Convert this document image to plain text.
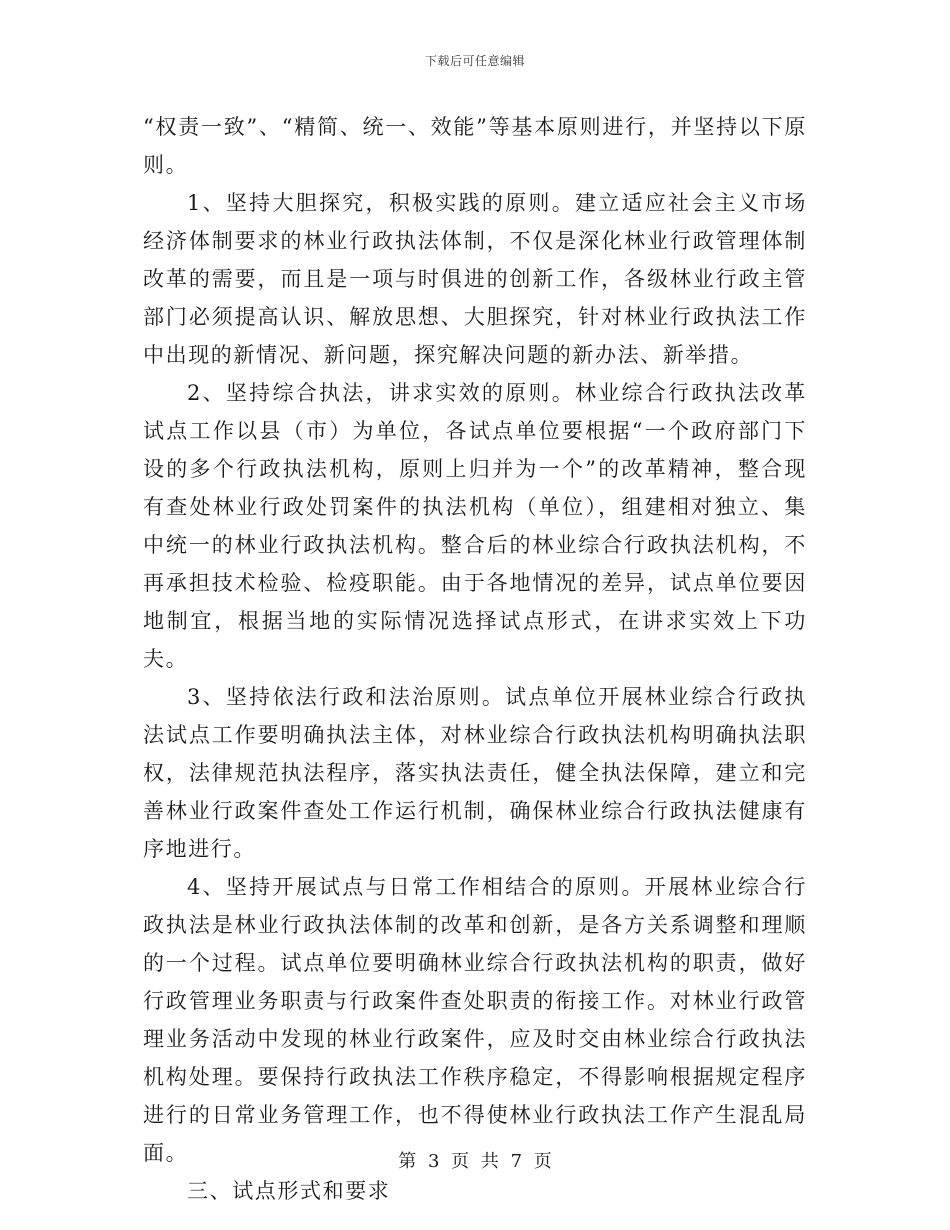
下载后可任意编辑

“权责一致”、“精简、统一、效能”等基本原则进行，并坚持以下原则。

1、坚持大胆探究，积极实践的原则。建立适应社会主义市场经济体制要求的林业行政执法体制，不仅是深化林业行政管理体制改革的需要，而且是一项与时俱进的创新工作，各级林业行政主管部门必须提高认识、解放思想、大胆探究，针对林业行政执法工作中出现的新情况、新问题，探究解决问题的新办法、新举措。

2、坚持综合执法，讲求实效的原则。林业综合行政执法改革试点工作以县（市）为单位，各试点单位要根据“一个政府部门下设的多个行政执法机构，原则上归并为一个”的改革精神，整合现有查处林业行政处罚案件的执法机构（单位），组建相对独立、集中统一的林业行政执法机构。整合后的林业综合行政执法机构，不再承担技术检验、检疫职能。由于各地情况的差异，试点单位要因地制宜，根据当地的实际情况选择试点形式，在讲求实效上下功夫。

3、坚持依法行政和法治原则。试点单位开展林业综合行政执法试点工作要明确执法主体，对林业综合行政执法机构明确执法职权，法律规范执法程序，落实执法责任，健全执法保障，建立和完善林业行政案件查处工作运行机制，确保林业综合行政执法健康有序地进行。

4、坚持开展试点与日常工作相结合的原则。开展林业综合行政执法是林业行政执法体制的改革和创新，是各方关系调整和理顺的一个过程。试点单位要明确林业综合行政执法机构的职责，做好行政管理业务职责与行政案件查处职责的衔接工作。对林业行政管理业务活动中发现的林业行政案件，应及时交由林业综合行政执法机构处理。要保持行政执法工作秩序稳定，不得影响根据规定程序进行的日常业务管理工作，也不得使林业行政执法工作产生混乱局面。

三、试点形式和要求

第 3 页 共 7 页
